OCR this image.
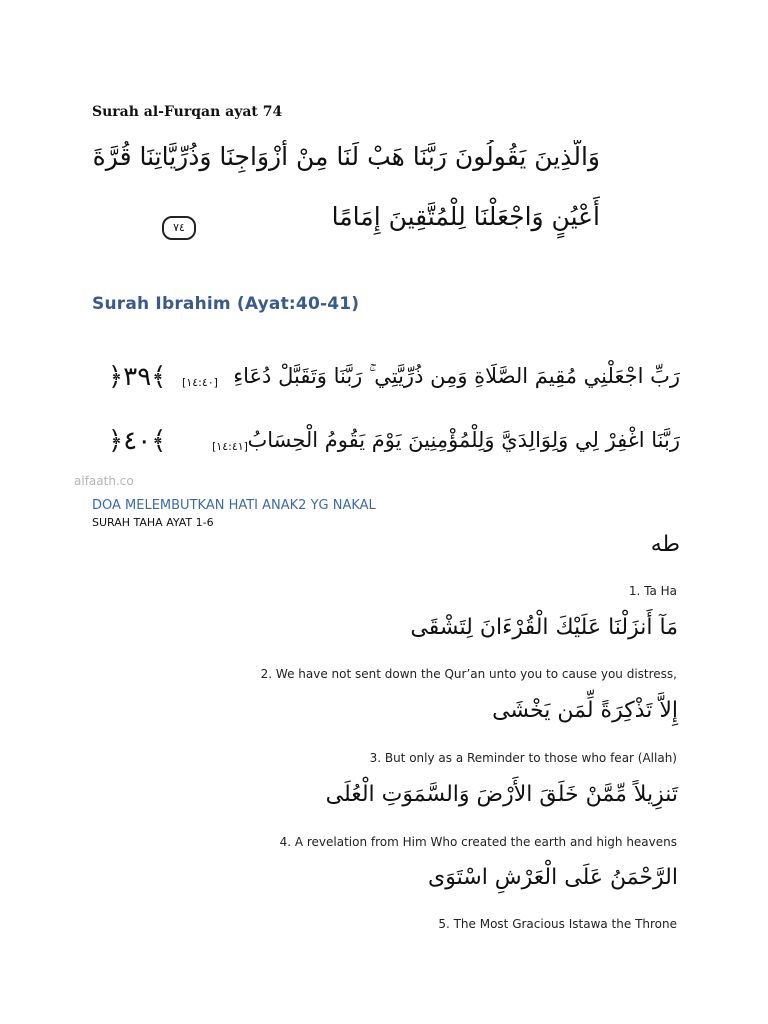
Surah al-Furqan ayat 74
وَالَّذِينَ يَقُولُونَ رَبَّنَا هَبْ لَنَا مِنْ أَزْوَاجِنَا وَذُرِّيَّاتِنَا قُرَّةَ
أَعْيُنٍ وَاجْعَلْنَا لِلْمُتَّقِينَ إِمَامًا
٧٤
Surah Ibrahim (Ayat:40-41)
﴿٣٩﴾ [١٤:٤٠] رَبِّ اجْعَلْنِي مُقِيمَ الصَّلَاةِ وَمِن ذُرِّيَّتِي ۚ رَبَّنَا وَتَقَبَّلْ دُعَاءِ
﴿٤٠﴾	[١٤:٤١] رَبَّنَا اغْفِرْ لِي وَلِوَالِدَيَّ وَلِلْمُؤْمِنِينَ يَوْمَ يَقُومُ الْحِسَابُ
alfaath.co
DOA MELEMBUTKAN HATI ANAK2 YG NAKAL
SURAH TAHA AYAT 1-6
طه
1. Ta Ha
مَآ أَنزَلْنَا عَلَيْكَ الْقُرْءَانَ لِتَشْقَى
2. We have not sent down the Qur’an unto you to cause you distress,
إِلاَّ تَذْكِرَةً لِّمَن يَخْشَى
3. But only as a Reminder to those who fear (Allah)
تَنزِيلاً مِّمَّنْ خَلَقَ الأَرْضَ وَالسَّمَوَتِ الْعُلَى
4. A revelation from Him Who created the earth and high heavens
الرَّحْمَنُ عَلَى الْعَرْشِ اسْتَوَى
5. The Most Gracious Istawa the Throne
